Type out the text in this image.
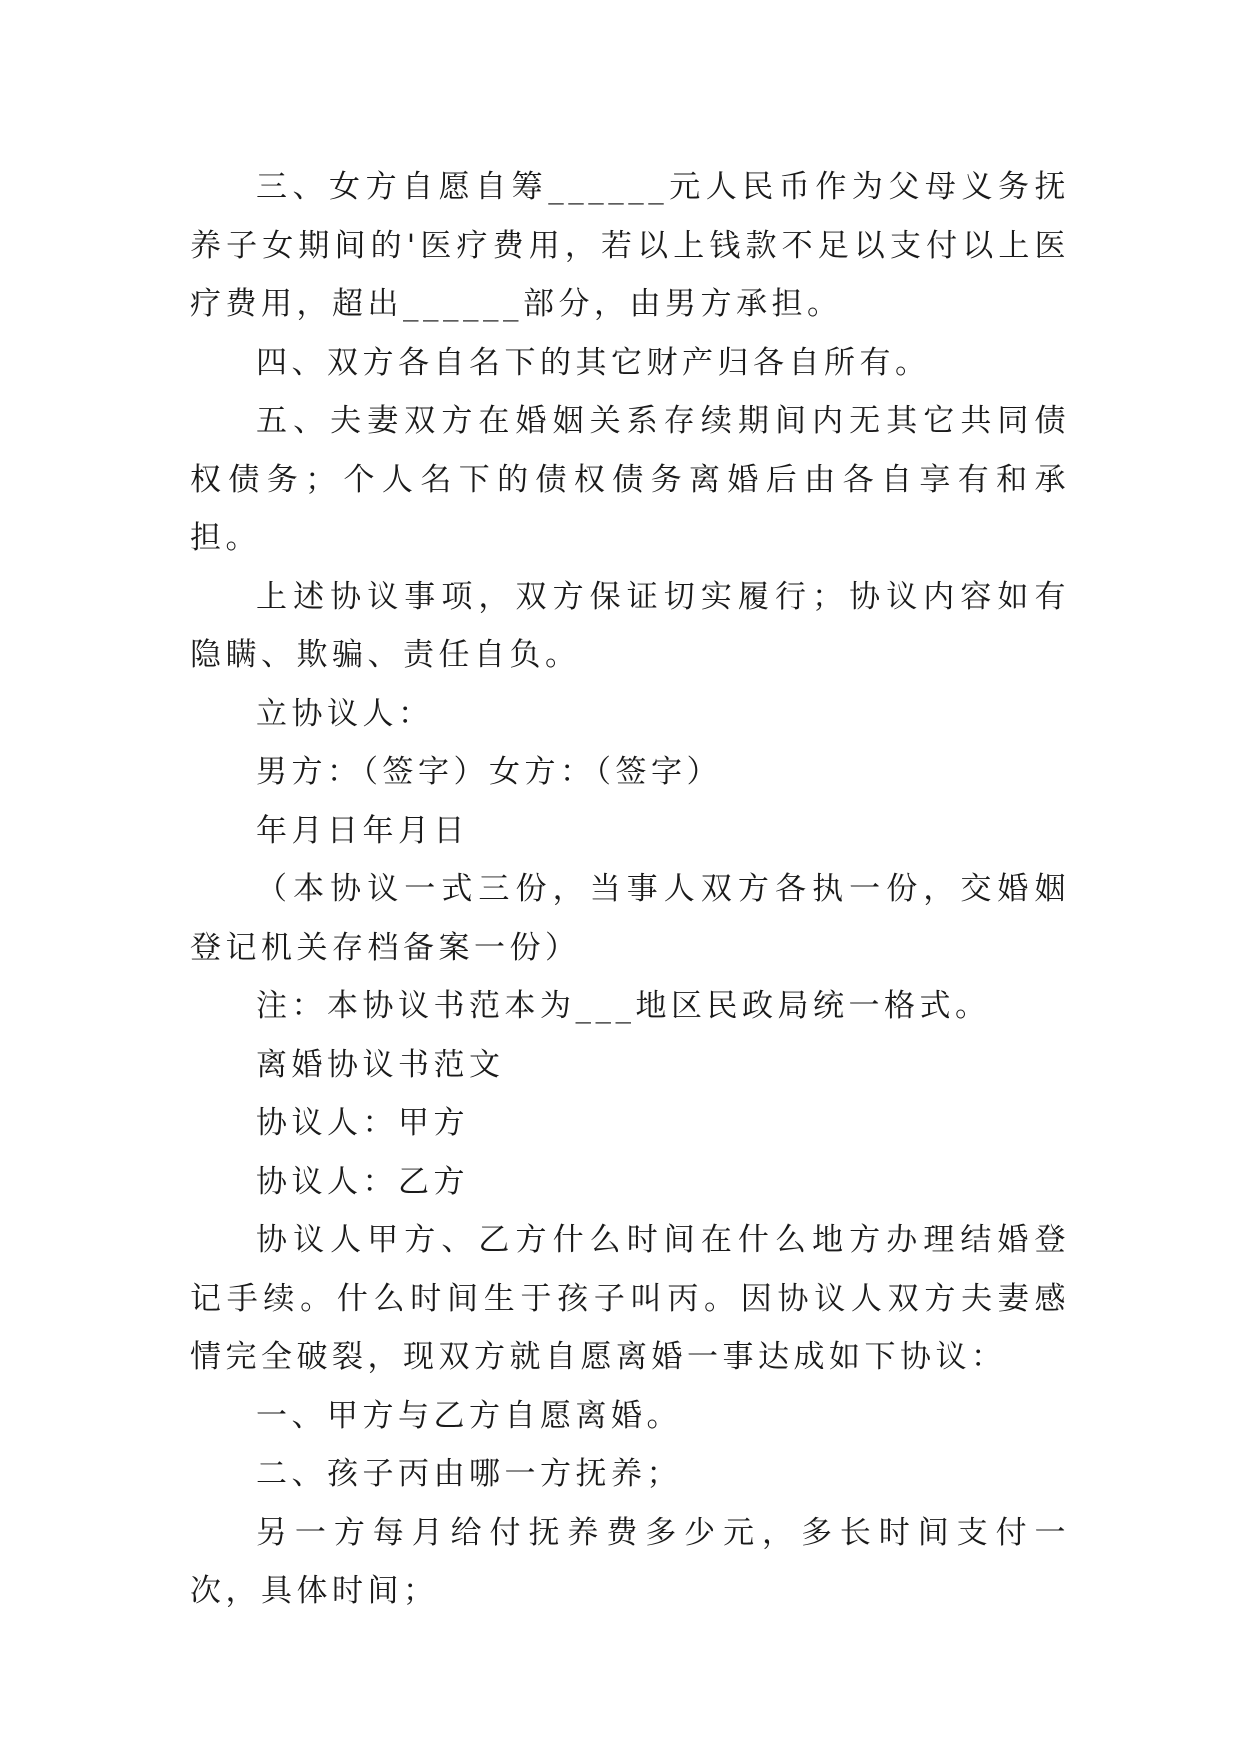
三、女方自愿自筹______元人民币作为父母义务抚养子女期间的'医疗费用，若以上钱款不足以支付以上医疗费用，超出______部分，由男方承担。

四、双方各自名下的其它财产归各自所有。

五、夫妻双方在婚姻关系存续期间内无其它共同债权债务；个人名下的债权债务离婚后由各自享有和承担。

上述协议事项，双方保证切实履行；协议内容如有隐瞒、欺骗、责任自负。

立协议人：

男方：（签字）女方：（签字）

年月日年月日

（本协议一式三份，当事人双方各执一份，交婚姻登记机关存档备案一份）

注：本协议书范本为___地区民政局统一格式。

离婚协议书范文

协议人：甲方

协议人：乙方

协议人甲方、乙方什么时间在什么地方办理结婚登记手续。什么时间生于孩子叫丙。因协议人双方夫妻感情完全破裂，现双方就自愿离婚一事达成如下协议：

一、甲方与乙方自愿离婚。

二、孩子丙由哪一方抚养；

另一方每月给付抚养费多少元，多长时间支付一次，具体时间；
